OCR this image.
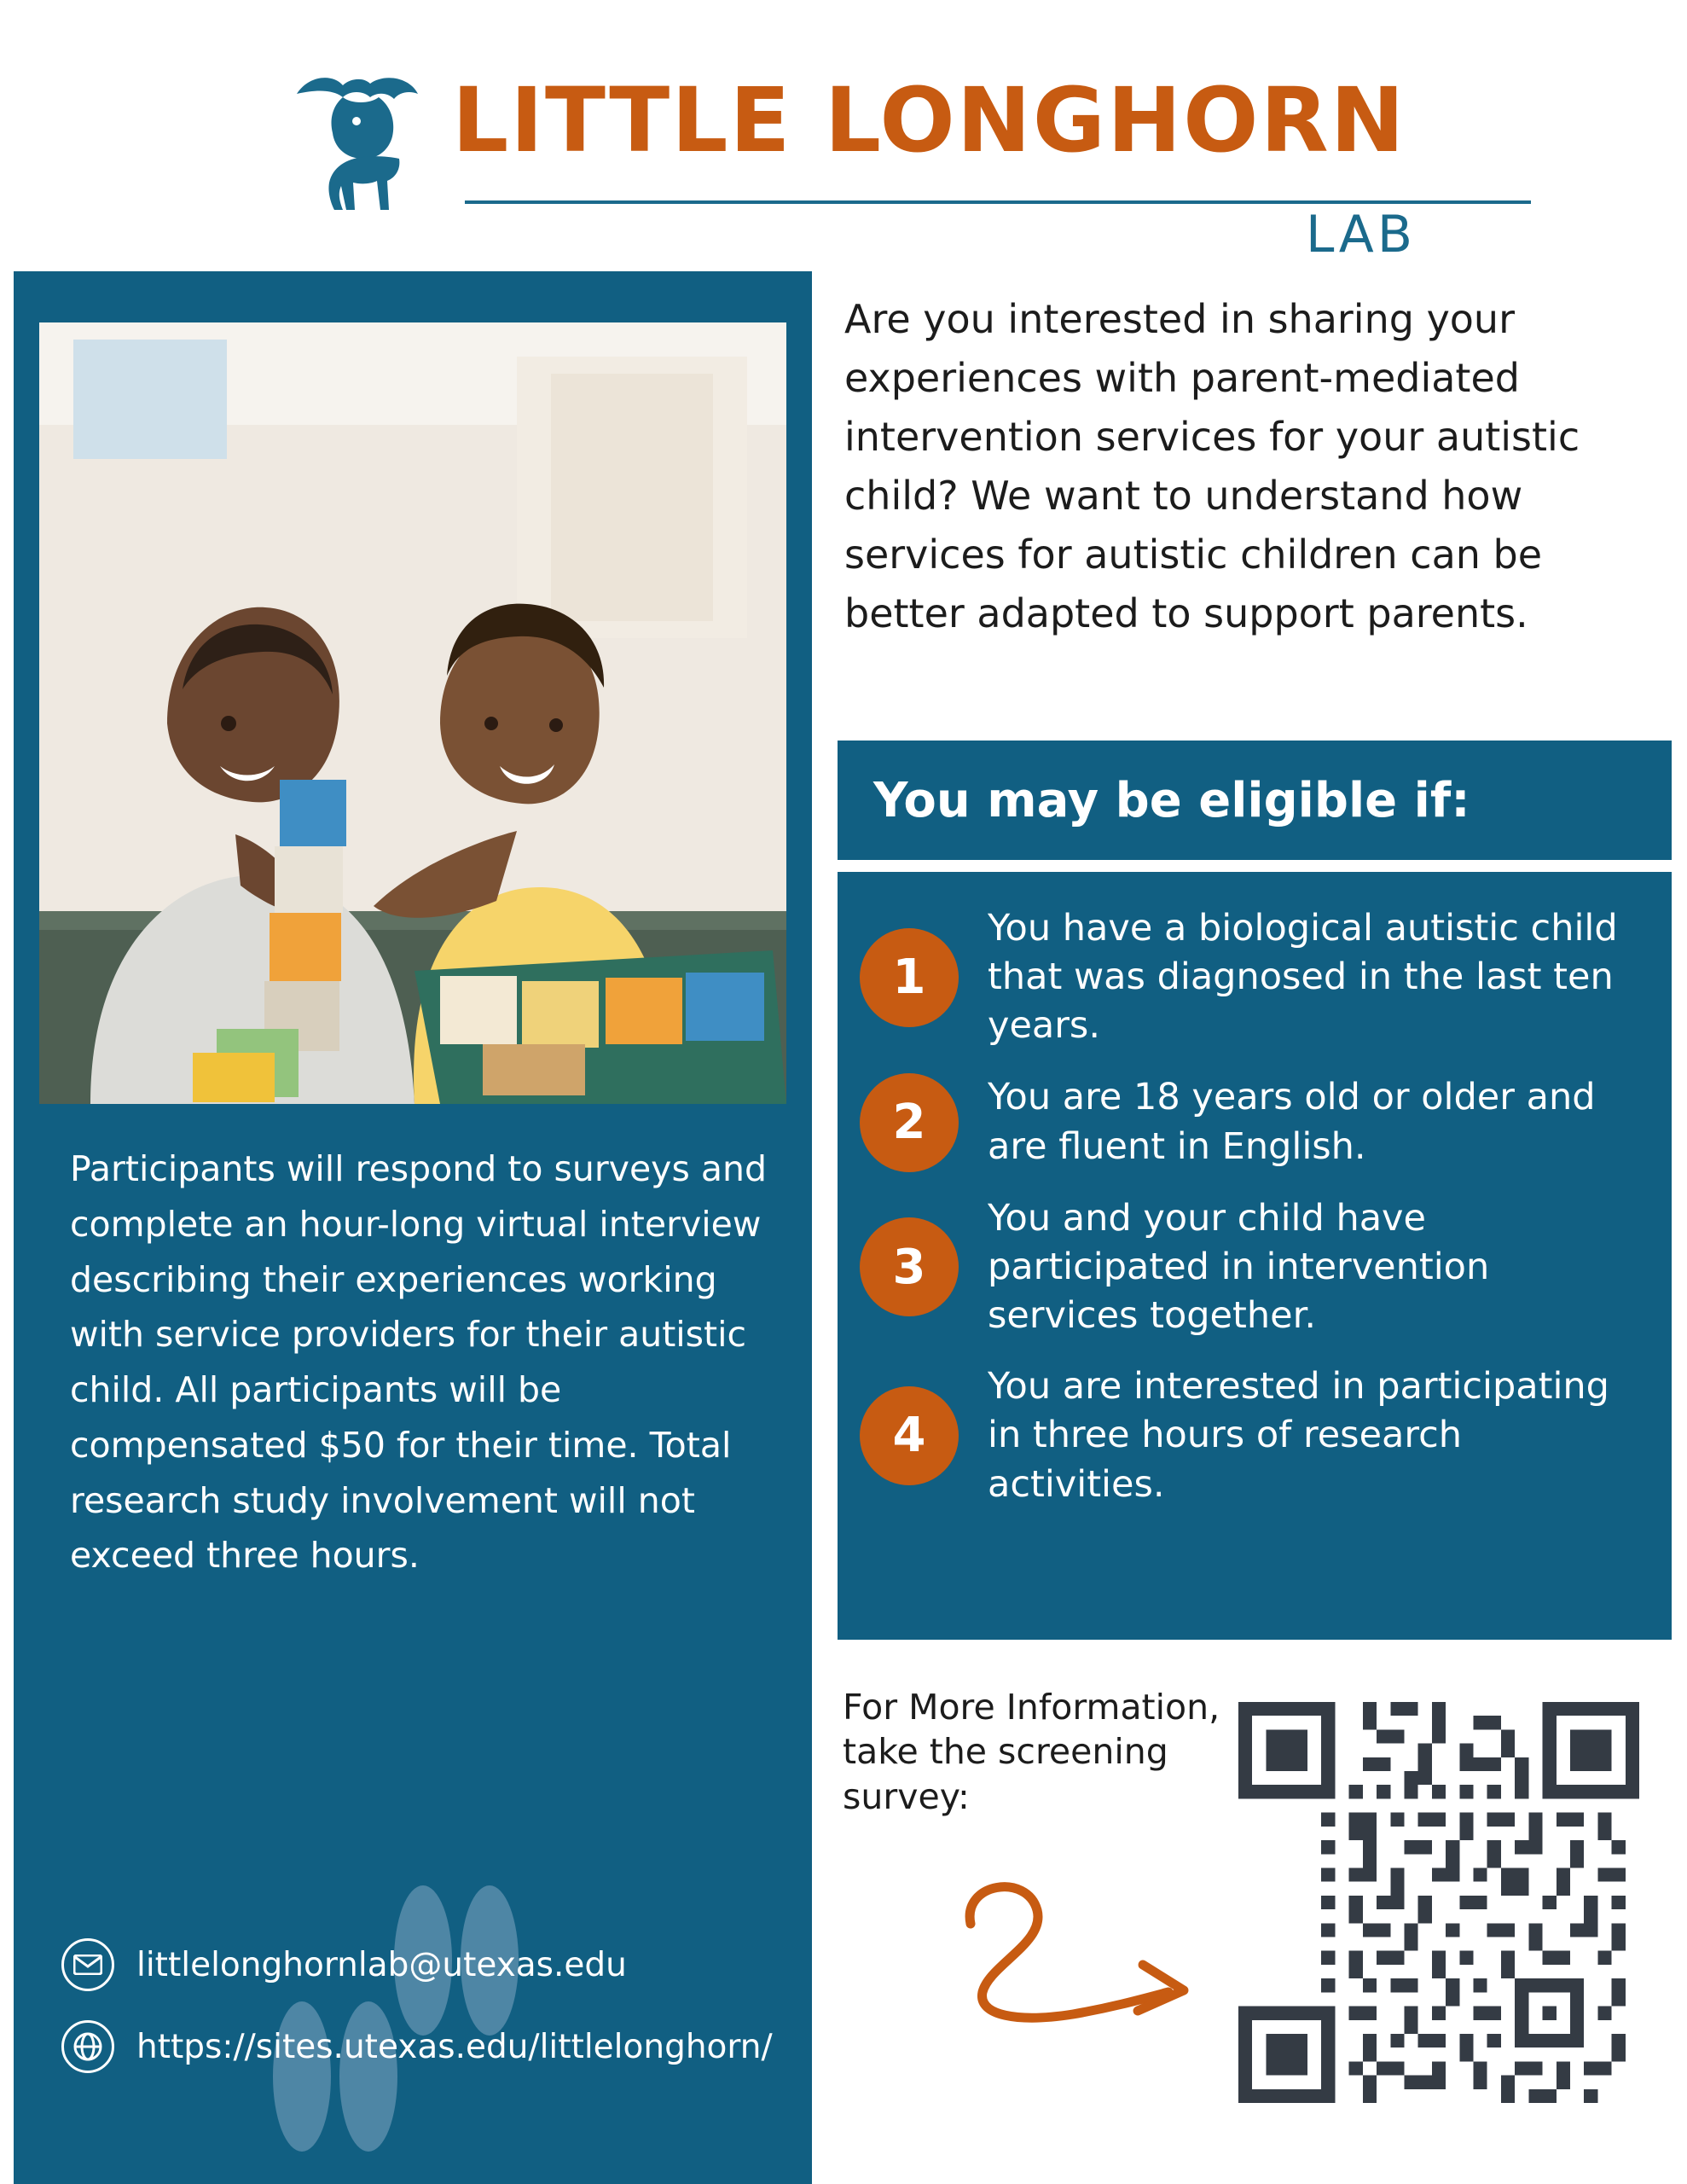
LITTLE LONGHORN
LAB
Participants will respond to surveys and complete an hour-long virtual interview describing their experiences working with service providers for their autistic child. All participants will be compensated $50 for their time. Total research study involvement will not exceed three hours.
littlelonghornlab@utexas.edu
https://sites.utexas.edu/littlelonghorn/
Are you interested in sharing your experiences with parent-mediated intervention services for your autistic child? We want to understand how services for autistic children can be better adapted to support parents.
You may be eligible if:
1
You have a biological autistic child that was diagnosed in the last ten years.
2	You are 18 years old or older and are fluent in English.
3
You and your child have participated in intervention services together.
4
You are interested in participating in three hours of research activities.
For More Information, take the screening survey:
